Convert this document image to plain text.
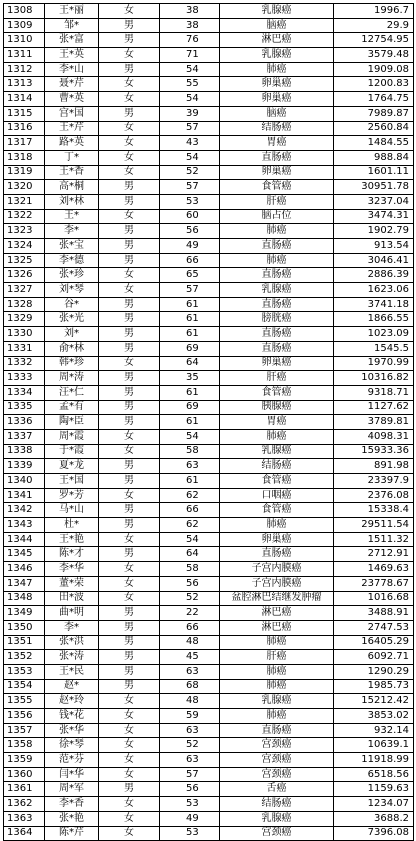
1308	王*丽	女	38	乳腺癌	1996.7
1309	邹*	男	38	脑癌	29.9
1310	张*富	男	76	淋巴癌	12754.95
1311	王*英	女	71	乳腺癌	3579.48
1312	李*山	男	54	肺癌	1909.08
1313	聂*芹	女	55	卵巢癌	1200.83
1314	曹*英	女	54	卵巢癌	1764.75
1315	宫*国	男	39	脑癌	7989.87
1316	王*芹	女	57	结肠癌	2560.84
1317	路*英	女	43	胃癌	1484.55
1318	丁*	女	54	直肠癌	988.84
1319	王*香	女	52	卵巢癌	1601.11
1320	高*桐	男	57	食管癌	30951.78
1321	刘*林	男	53	肝癌	3237.04
1322	王*	女	60	脑占位	3474.31
1323	李*	男	56	肺癌	1902.79
1324	张*宝	男	49	直肠癌	913.54
1325	李*德	男	66	肺癌	3046.41
1326	张*珍	女	65	直肠癌	2886.39
1327	刘*琴	女	57	乳腺癌	1623.06
1328	谷*	男	61	直肠癌	3741.18
1329	张*光	男	61	膀胱癌	1866.55
1330	刘*	男	61	直肠癌	1023.09
1331	俞*林	男	69	直肠癌	1545.5
1332	韩*珍	女	64	卵巢癌	1970.99
1333	周*涛	男	35	肝癌	10316.82
1334	汪*仁	男	61	食管癌	9318.71
1335	孟*有	男	69	胰腺癌	1127.62
1336	陶*臣	男	61	胃癌	3789.81
1337	周*霞	女	54	肺癌	4098.31
1338	于*霞	女	58	乳腺癌	15933.36
1339	夏*龙	男	63	结肠癌	891.98
1340	王*国	男	61	食管癌	23397.9
1341	罗*芳	女	62	口咽癌	2376.08
1342	马*山	男	66	食管癌	15338.4
1343	杜*	男	62	肺癌	29511.54
1344	王*艳	女	54	卵巢癌	1511.32
1345	陈*才	男	64	直肠癌	2712.91
1346	李*华	女	58	子宫内膜癌	1469.63
1347	董*荣	女	56	子宫内膜癌	23778.67
1348	田*波	女	52	盆腔淋巴结继发肿瘤	1016.68
1349	曲*明	男	22	淋巴癌	3488.91
1350	李*	男	66	淋巴癌	2747.53
1351	张*洪	男	48	肺癌	16405.29
1352	张*涛	男	45	肝癌	6092.71
1353	王*民	男	63	肺癌	1290.29
1354	赵*	男	68	肺癌	1985.73
1355	赵*玲	女	48	乳腺癌	15212.42
1356	钱*花	女	59	肺癌	3853.02
1357	张*华	女	63	直肠癌	932.14
1358	徐*琴	女	52	宫颈癌	10639.1
1359	范*芬	女	63	宫颈癌	11918.99
1360	闫*华	女	57	宫颈癌	6518.56
1361	周*军	男	56	舌癌	1159.63
1362	李*香	女	53	结肠癌	1234.07
1363	张*艳	女	49	乳腺癌	3688.2
1364	陈*芹	女	53	宫颈癌	7396.08
